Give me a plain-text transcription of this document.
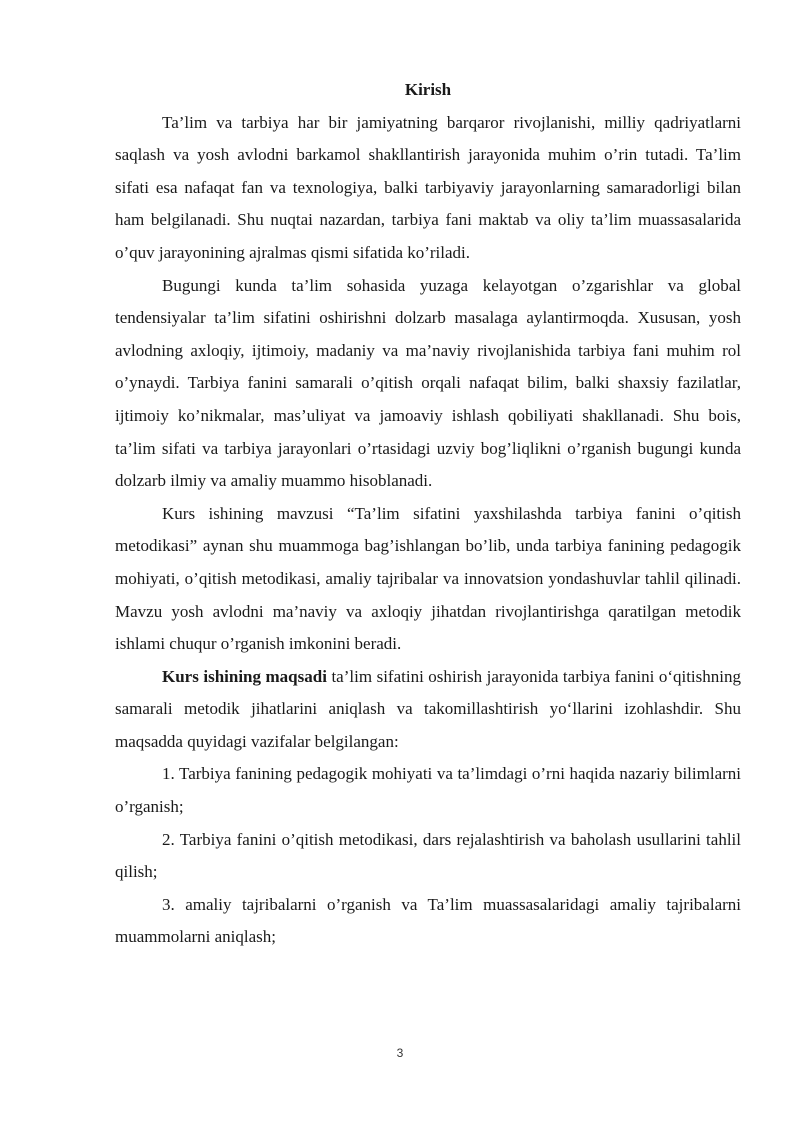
Kirish

Ta’lim va tarbiya har bir jamiyatning barqaror rivojlanishi, milliy qadriyatlarni saqlash va yosh avlodni barkamol shakllantirish jarayonida muhim o’rin tutadi. Ta’lim sifati esa nafaqat fan va texnologiya, balki tarbiyaviy jarayonlarning samaradorligi bilan ham belgilanadi. Shu nuqtai nazardan, tarbiya fani maktab va oliy ta’lim muassasalarida o’quv jarayonining ajralmas qismi sifatida ko’riladi.

Bugungi kunda ta’lim sohasida yuzaga kelayotgan o’zgarishlar va global tendensiyalar ta’lim sifatini oshirishni dolzarb masalaga aylantirmoqda. Xususan, yosh avlodning axloqiy, ijtimoiy, madaniy va ma’naviy rivojlanishida tarbiya fani muhim rol o’ynaydi. Tarbiya fanini samarali o’qitish orqali nafaqat bilim, balki shaxsiy fazilatlar, ijtimoiy ko’nikmalar, mas’uliyat va jamoaviy ishlash qobiliyati shakllanadi. Shu bois, ta’lim sifati va tarbiya jarayonlari o’rtasidagi uzviy bog’liqlikni o’rganish bugungi kunda dolzarb ilmiy va amaliy muammo hisoblanadi.

Kurs ishining mavzusi “Ta’lim sifatini yaxshilashda tarbiya fanini o’qitish metodikasi” aynan shu muammoga bag’ishlangan bo’lib, unda tarbiya fanining pedagogik mohiyati, o’qitish metodikasi, amaliy tajribalar va innovatsion yondashuvlar tahlil qilinadi. Mavzu yosh avlodni ma’naviy va axloqiy jihatdan rivojlantirishga qaratilgan metodik ishlami chuqur o’rganish imkonini beradi.

Kurs ishining maqsadi ta’lim sifatini oshirish jarayonida tarbiya fanini o‘qitishning samarali metodik jihatlarini aniqlash va takomillashtirish yo‘llarini izohlashdir. Shu maqsadda quyidagi vazifalar belgilangan:

1. Tarbiya fanining pedagogik mohiyati va ta’limdagi o’rni haqida nazariy bilimlarni o’rganish;

2. Tarbiya fanini o’qitish metodikasi, dars rejalashtirish va baholash usullarini tahlil qilish;

3. amaliy tajribalarni o’rganish va Ta’lim muassasalaridagi amaliy tajribalarni muammolarni aniqlash;

3
